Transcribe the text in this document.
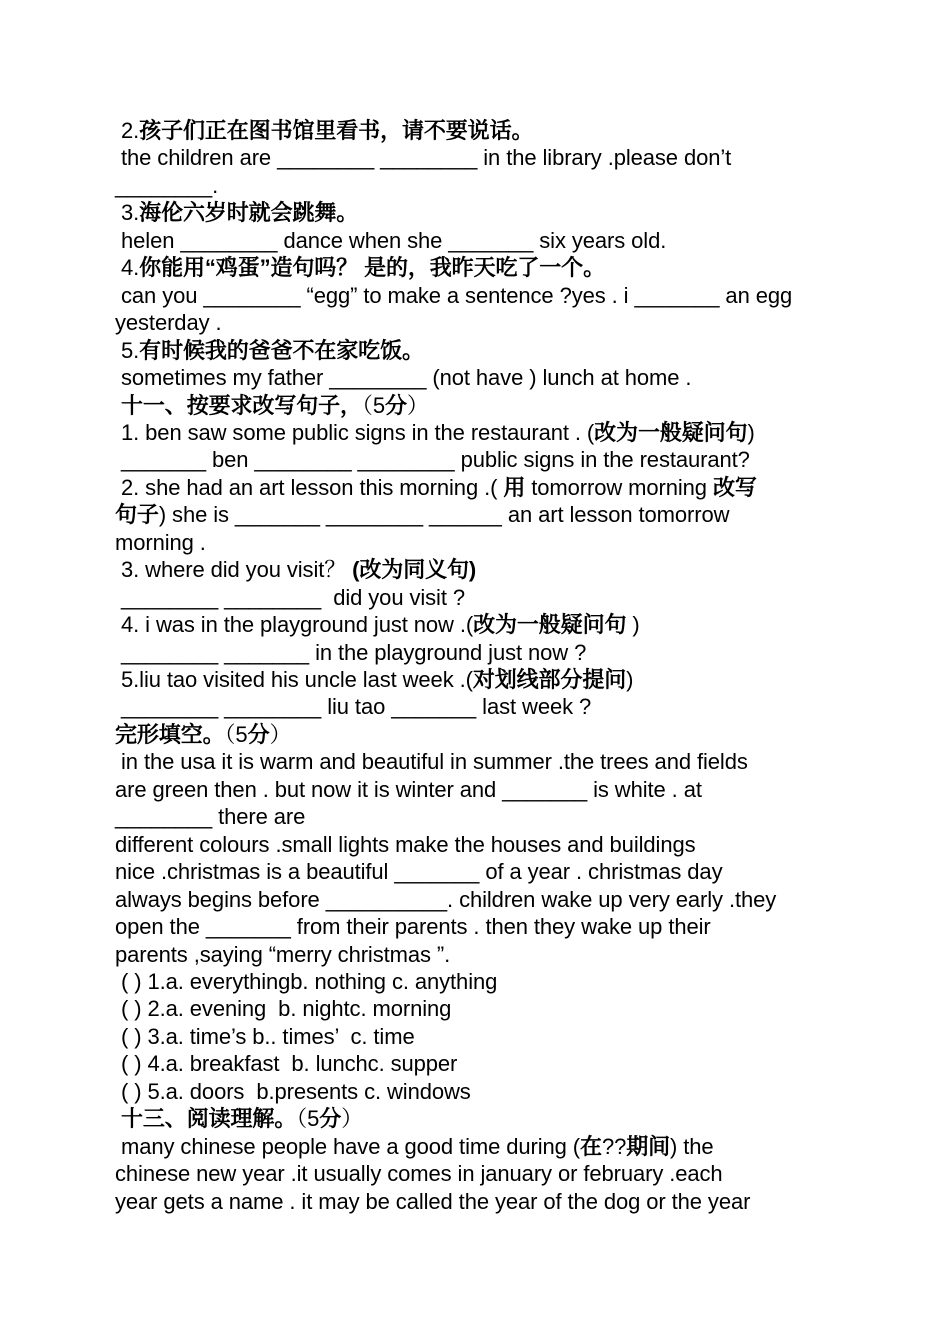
2.孩子们正在图书馆里看书，请不要说话。
the children are ________ ________ in the library .please don’t
________.
3.海伦六岁时就会跳舞。
helen ________ dance when she _______ six years old.
4.你能用“鸡蛋”造句吗？ 是的，我昨天吃了一个。
can you ________ “egg” to make a sentence ?yes . i _______ an egg
yesterday .
5.有时候我的爸爸不在家吃饭。
sometimes my father ________ (not have ) lunch at home .
十一、按要求改写句子，（5分）
1. ben saw some public signs in the restaurant . (改为一般疑问句)
_______ ben ________ ________ public signs in the restaurant?
2. she had an art lesson this morning .( 用 tomorrow morning 改写
句子) she is _______ ________ ______ an art lesson tomorrow
morning .
3. where did you visit？ (改为同义句)
________ ________  did you visit ?
4. i was in the playground just now .(改为一般疑问句 )
________ _______ in the playground just now ?
5.liu tao visited his uncle last week .(对划线部分提问)
________ ________ liu tao _______ last week ?
完形填空。（5分）
in the usa it is warm and beautiful in summer .the trees and fields
are green then . but now it is winter and _______ is white . at
________ there are
different colours .small lights make the houses and buildings
nice .christmas is a beautiful _______ of a year . christmas day
always begins before __________. children wake up very early .they
open the _______ from their parents . then they wake up their
parents ,saying “merry christmas ”.
( ) 1.a. everythingb. nothing c. anything
( ) 2.a. evening  b. nightc. morning
( ) 3.a. time’s b.. times’  c. time
( ) 4.a. breakfast  b. lunchc. supper
( ) 5.a. doors  b.presents c. windows
十三、阅读理解。（5分）
many chinese people have a good time during (在??期间) the
chinese new year .it usually comes in january or february .each
year gets a name . it may be called the year of the dog or the year
